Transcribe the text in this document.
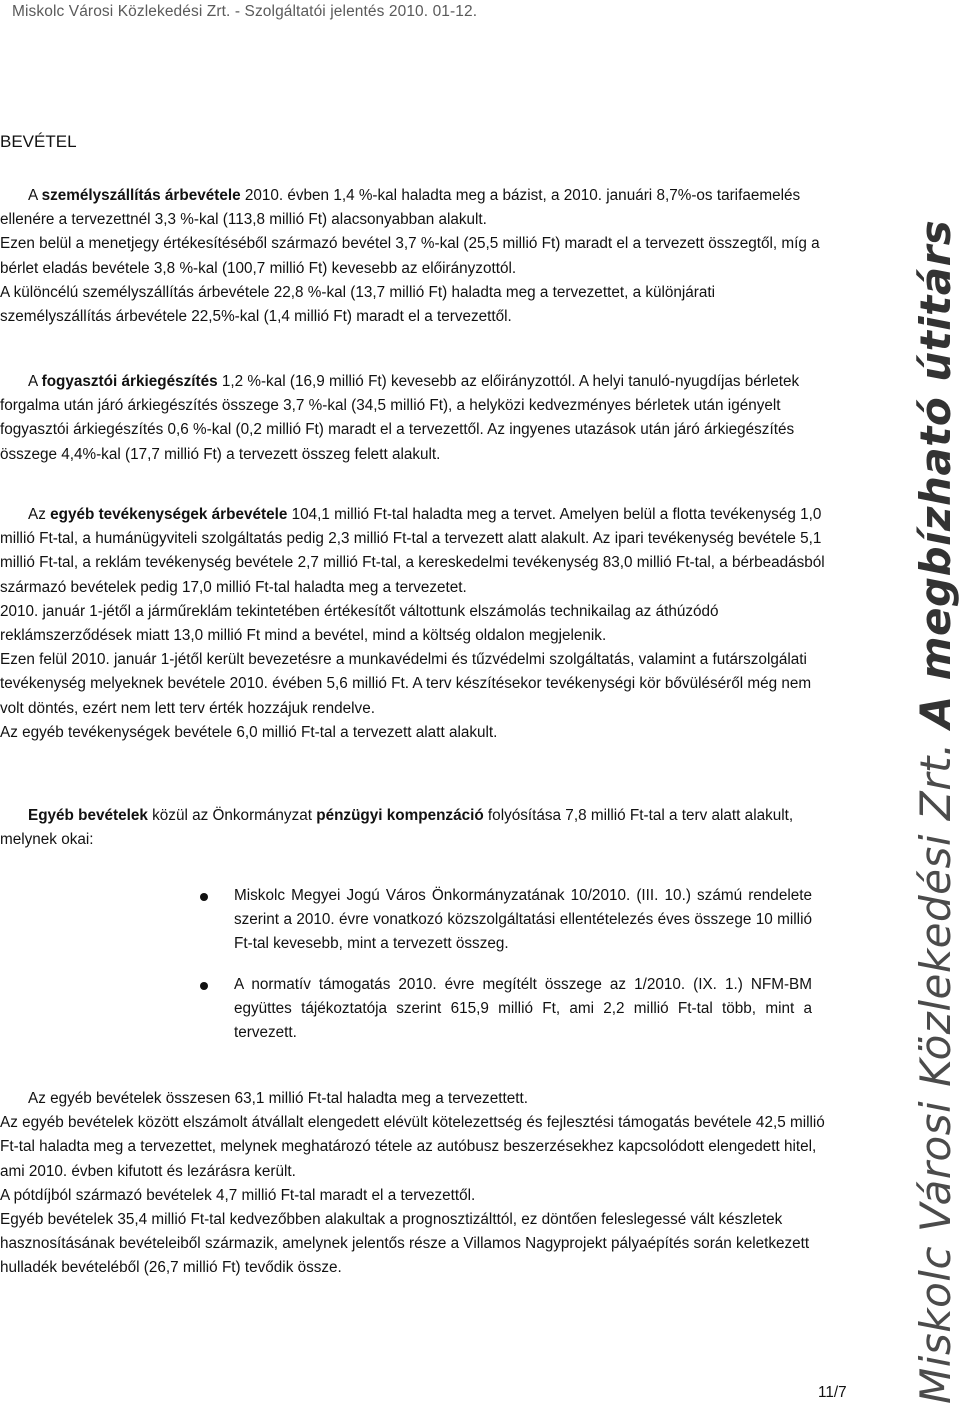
Miskolc Városi Közlekedési Zrt. - Szolgáltatói jelentés 2010. 01-12.
BEVÉTEL

A személyszállítás árbevétele 2010. évben 1,4 %-kal haladta meg a bázist, a 2010. januári 8,7%-os tarifaemelés ellenére a tervezettnél 3,3 %-kal (113,8 millió Ft) alacsonyabban alakult.

Ezen belül a menetjegy értékesítéséből származó bevétel 3,7 %-kal (25,5 millió Ft) maradt el a tervezett összegtől, míg a bérlet eladás bevétele 3,8 %-kal (100,7 millió Ft) kevesebb az előirányzottól.

A különcélú személyszállítás árbevétele 22,8 %-kal (13,7 millió Ft) haladta meg a tervezettet, a különjárati személyszállítás árbevétele 22,5%-kal (1,4 millió Ft) maradt el a tervezettől.

A fogyasztói árkiegészítés 1,2 %-kal (16,9 millió Ft) kevesebb az előirányzottól. A helyi tanuló-nyugdíjas bérletek forgalma után járó árkiegészítés összege 3,7 %-kal (34,5 millió Ft), a helyközi kedvezményes bérletek után igényelt fogyasztói árkiegészítés 0,6 %-kal (0,2 millió Ft) maradt el a tervezettől. Az ingyenes utazások után járó árkiegészítés összege 4,4%-kal (17,7 millió Ft) a tervezett összeg felett alakult.

Az egyéb tevékenységek árbevétele 104,1 millió Ft-tal haladta meg a tervet. Amelyen belül a flotta tevékenység 1,0 millió Ft-tal, a humánügyviteli szolgáltatás pedig 2,3 millió Ft-tal a tervezett alatt alakult. Az ipari tevékenység bevétele 5,1 millió Ft-tal, a reklám tevékenység bevétele 2,7 millió Ft-tal, a kereskedelmi tevékenység 83,0 millió Ft-tal, a bérbeadásból származó bevételek pedig 17,0 millió Ft-tal haladta meg a tervezetet.

2010. január 1-jétől a járműreklám tekintetében értékesítőt váltottunk elszámolás technikailag az áthúzódó reklámszerződések miatt 13,0 millió Ft mind a bevétel, mind a költség oldalon megjelenik.

Ezen felül 2010. január 1-jétől került bevezetésre a munkavédelmi és tűzvédelmi szolgáltatás, valamint a futárszolgálati tevékenység melyeknek bevétele 2010. évében 5,6 millió Ft. A terv készítésekor tevékenységi kör bővüléséről még nem volt döntés, ezért nem lett terv érték hozzájuk rendelve.

Az egyéb tevékenységek bevétele 6,0 millió Ft-tal a tervezett alatt alakult.

Egyéb bevételek közül az Önkormányzat pénzügyi kompenzáció folyósítása 7,8 millió Ft-tal a terv alatt alakult, melynek okai:

Miskolc Megyei Jogú Város Önkormányzatának 10/2010. (III. 10.) számú rendelete szerint a 2010. évre vonatkozó közszolgáltatási ellentételezés éves összege 10 millió Ft-tal kevesebb, mint a tervezett összeg.
A normatív támogatás 2010. évre megítélt összege az 1/2010. (IX. 1.) NFM-BM együttes tájékoztatója szerint 615,9 millió Ft, ami 2,2 millió Ft-tal több, mint a tervezett.

Az egyéb bevételek összesen 63,1 millió Ft-tal haladta meg a tervezettett.

Az egyéb bevételek között elszámolt átvállalt elengedett elévült kötelezettség és fejlesztési támogatás bevétele 42,5 millió Ft-tal haladta meg a tervezettet, melynek meghatározó tétele az autóbusz beszerzésekhez kapcsolódott elengedett hitel, ami 2010. évben kifutott és lezárásra került.

A pótdíjból származó bevételek 4,7 millió Ft-tal maradt el a tervezettől.

Egyéb bevételek 35,4 millió Ft-tal kedvezőbben alakultak a prognosztizálttól, ez döntően feleslegessé vált készletek hasznosításának bevételeiből származik, amelynek jelentős része a Villamos Nagyprojekt pályaépítés során keletkezett hulladék bevételéből (26,7 millió Ft) tevődik össze.

11/7 Miskolc Városi Közlekedési Zrt. A megbízható útitárs
